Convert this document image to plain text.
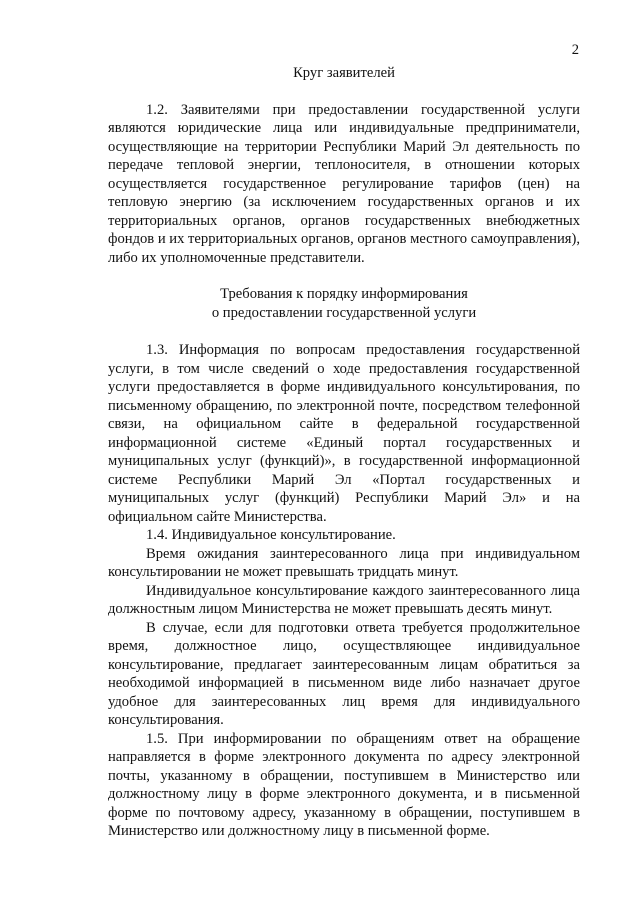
2

Круг заявителей

1.2. Заявителями при предоставлении государственной услуги являются юридические лица или индивидуальные предприниматели, осуществляющие на территории Республики Марий Эл деятельность по передаче тепловой энергии, теплоносителя, в отношении которых осуществляется государственное регулирование тарифов (цен) на тепловую энергию (за исключением государственных органов и их территориальных органов, органов государственных внебюджетных фондов и их территориальных органов, органов местного самоуправления), либо их уполномоченные представители.

Требования к порядку информирования
о предоставлении государственной услуги

1.3. Информация по вопросам предоставления государственной услуги, в том числе сведений о ходе предоставления государственной услуги предоставляется в форме индивидуального консультирования, по письменному обращению, по электронной почте, посредством телефонной связи, на официальном сайте в федеральной государственной информационной системе «Единый портал государственных и муниципальных услуг (функций)», в государственной информационной системе Республики Марий Эл «Портал государственных и муниципальных услуг (функций) Республики Марий Эл» и на официальном сайте Министерства.

1.4. Индивидуальное консультирование.

Время ожидания заинтересованного лица при индивидуальном консультировании не может превышать тридцать минут.

Индивидуальное консультирование каждого заинтересованного лица должностным лицом Министерства не может превышать десять минут.

В случае, если для подготовки ответа требуется продолжительное время, должностное лицо, осуществляющее индивидуальное консультирование, предлагает заинтересованным лицам обратиться за необходимой информацией в письменном виде либо назначает другое удобное для заинтересованных лиц время для индивидуального консультирования.

1.5. При информировании по обращениям ответ на обращение направляется в форме электронного документа по адресу электронной почты, указанному в обращении, поступившем в Министерство или должностному лицу в форме электронного документа, и в письменной форме по почтовому адресу, указанному в обращении, поступившем в Министерство или должностному лицу в письменной форме.
